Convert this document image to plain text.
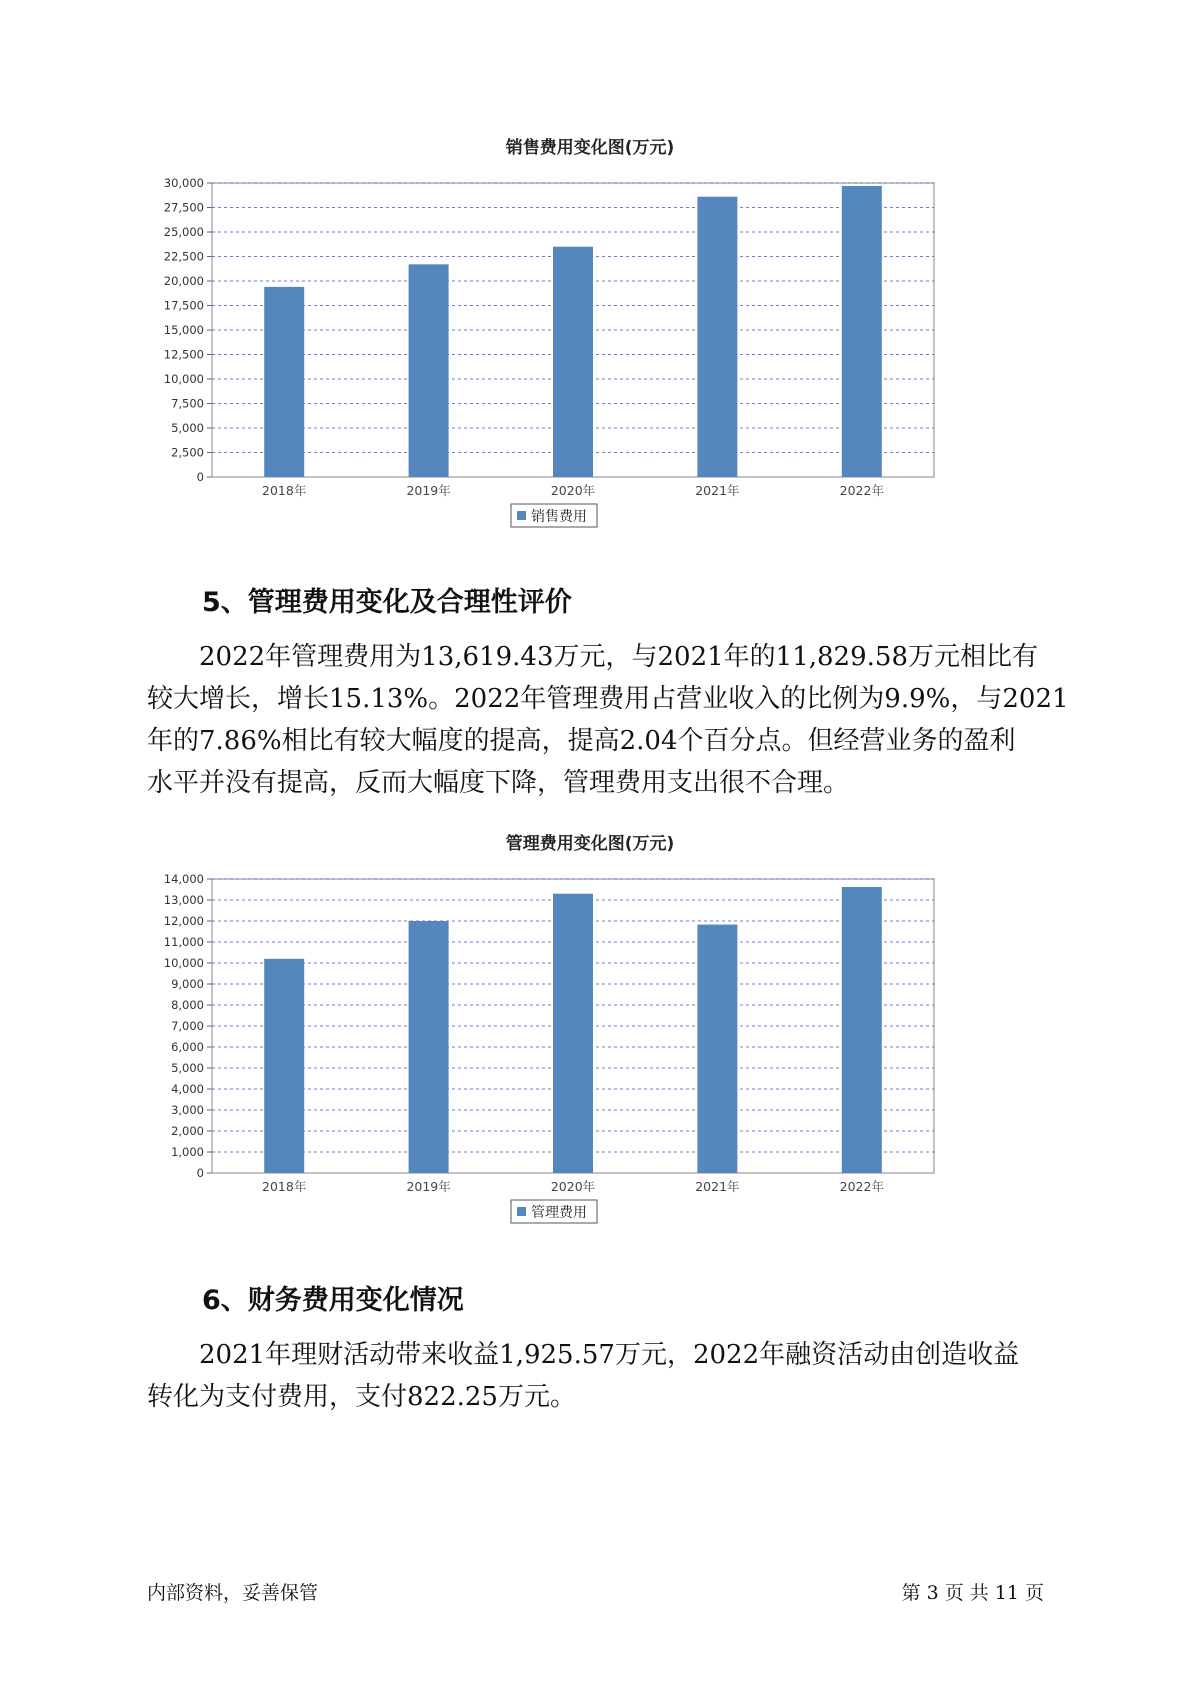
销售费用变化图(万元)
0
2,500
5,000
7,500
10,000
12,500
15,000
17,500
20,000
22,500
25,000
27,500
30,000
2018年	2019年	2020年	2021年	2022年
销售费用
5、管理费用变化及合理性评价
2022年管理费用为13,619.43万元，与2021年的11,829.58万元相比有
较大增长，增长15.13%。2022年管理费用占营业收入的比例为9.9%，与2021
年的7.86%相比有较大幅度的提高，提高2.04个百分点。但经营业务的盈利
水平并没有提高，反而大幅度下降，管理费用支出很不合理。
管理费用变化图(万元)
0
1,000
2,000
3,000
4,000
5,000
6,000
7,000
8,000
9,000
10,000
11,000
12,000
13,000
14,000
2018年	2019年	2020年	2021年	2022年
管理费用
6、财务费用变化情况
2021年理财活动带来收益1,925.57万元，2022年融资活动由创造收益
转化为支付费用，支付822.25万元。
内部资料，妥善保管	第 3 页 共 11 页
